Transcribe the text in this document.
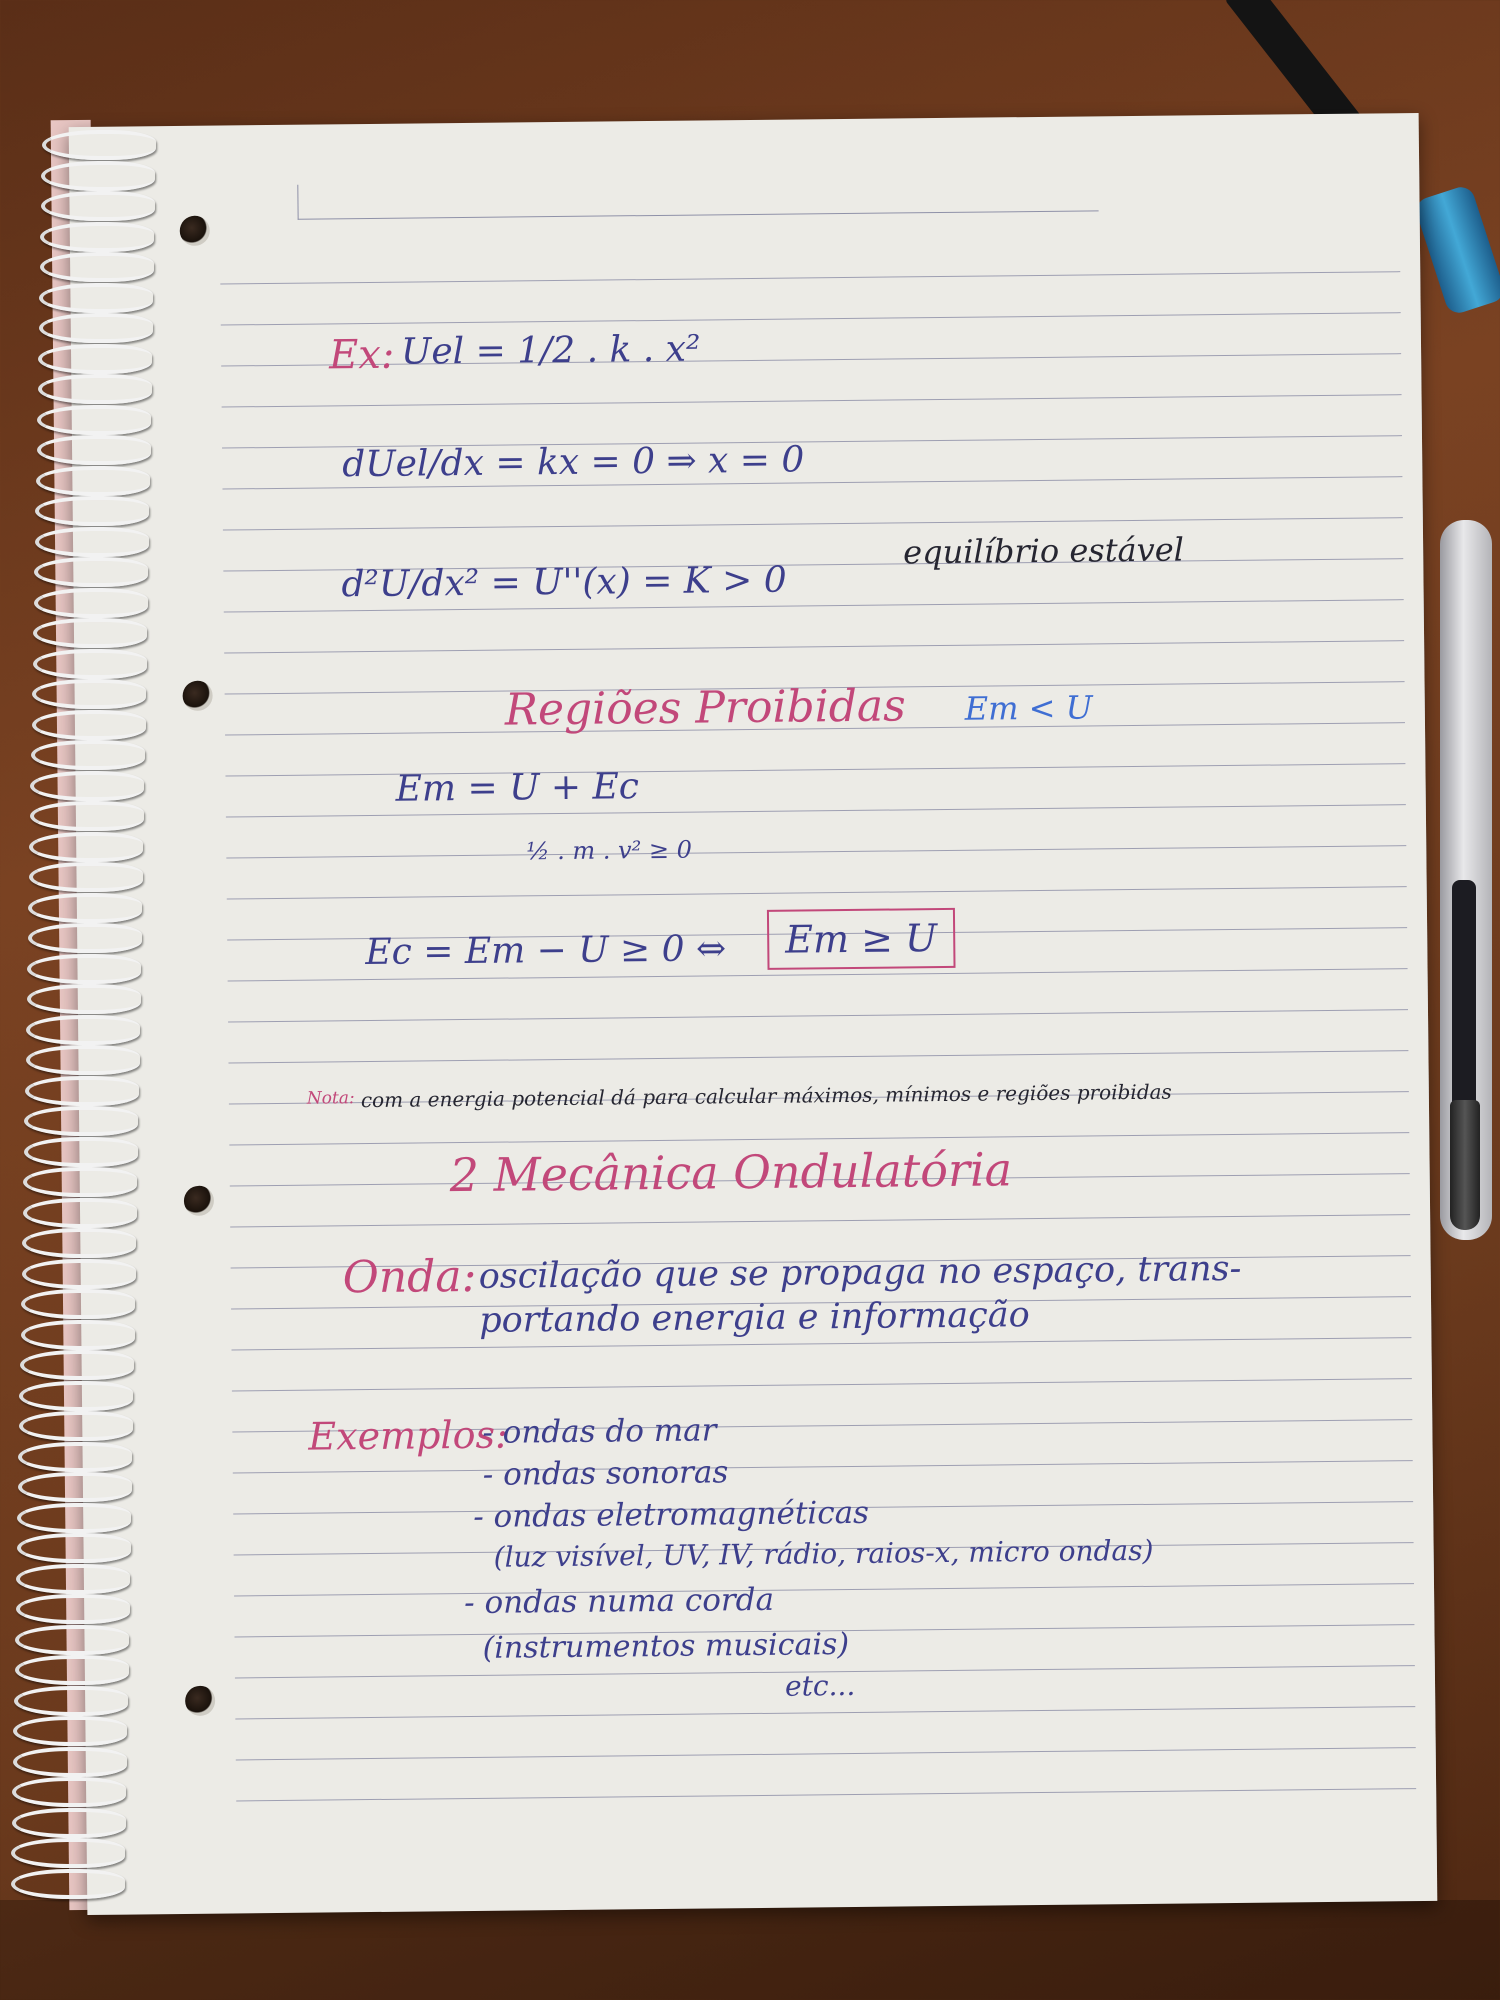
Ex: Uel = 1/2 . k . x²
dUel/dx = kx = 0 ⇒ x = 0
equilíbrio estável
d²U/dx² = U''(x) = K > 0
Regiões Proibidas Em < U
Em = U + Ec
½ . m . v² ≥ 0
Ec = Em − U ≥ 0 ⇔	Em ≥ U
Nota: com a energia potencial dá para calcular máximos, mínimos e regiões proibidas
2 Mecânica Ondulatória
Onda: oscilação que se propaga no espaço, trans-
portando energia e informação
Exemplos:
- ondas do mar
- ondas sonoras
- ondas eletromagnéticas
(luz visível, UV, IV, rádio, raios-x, micro ondas)
- ondas numa corda
(instrumentos musicais)
etc...
